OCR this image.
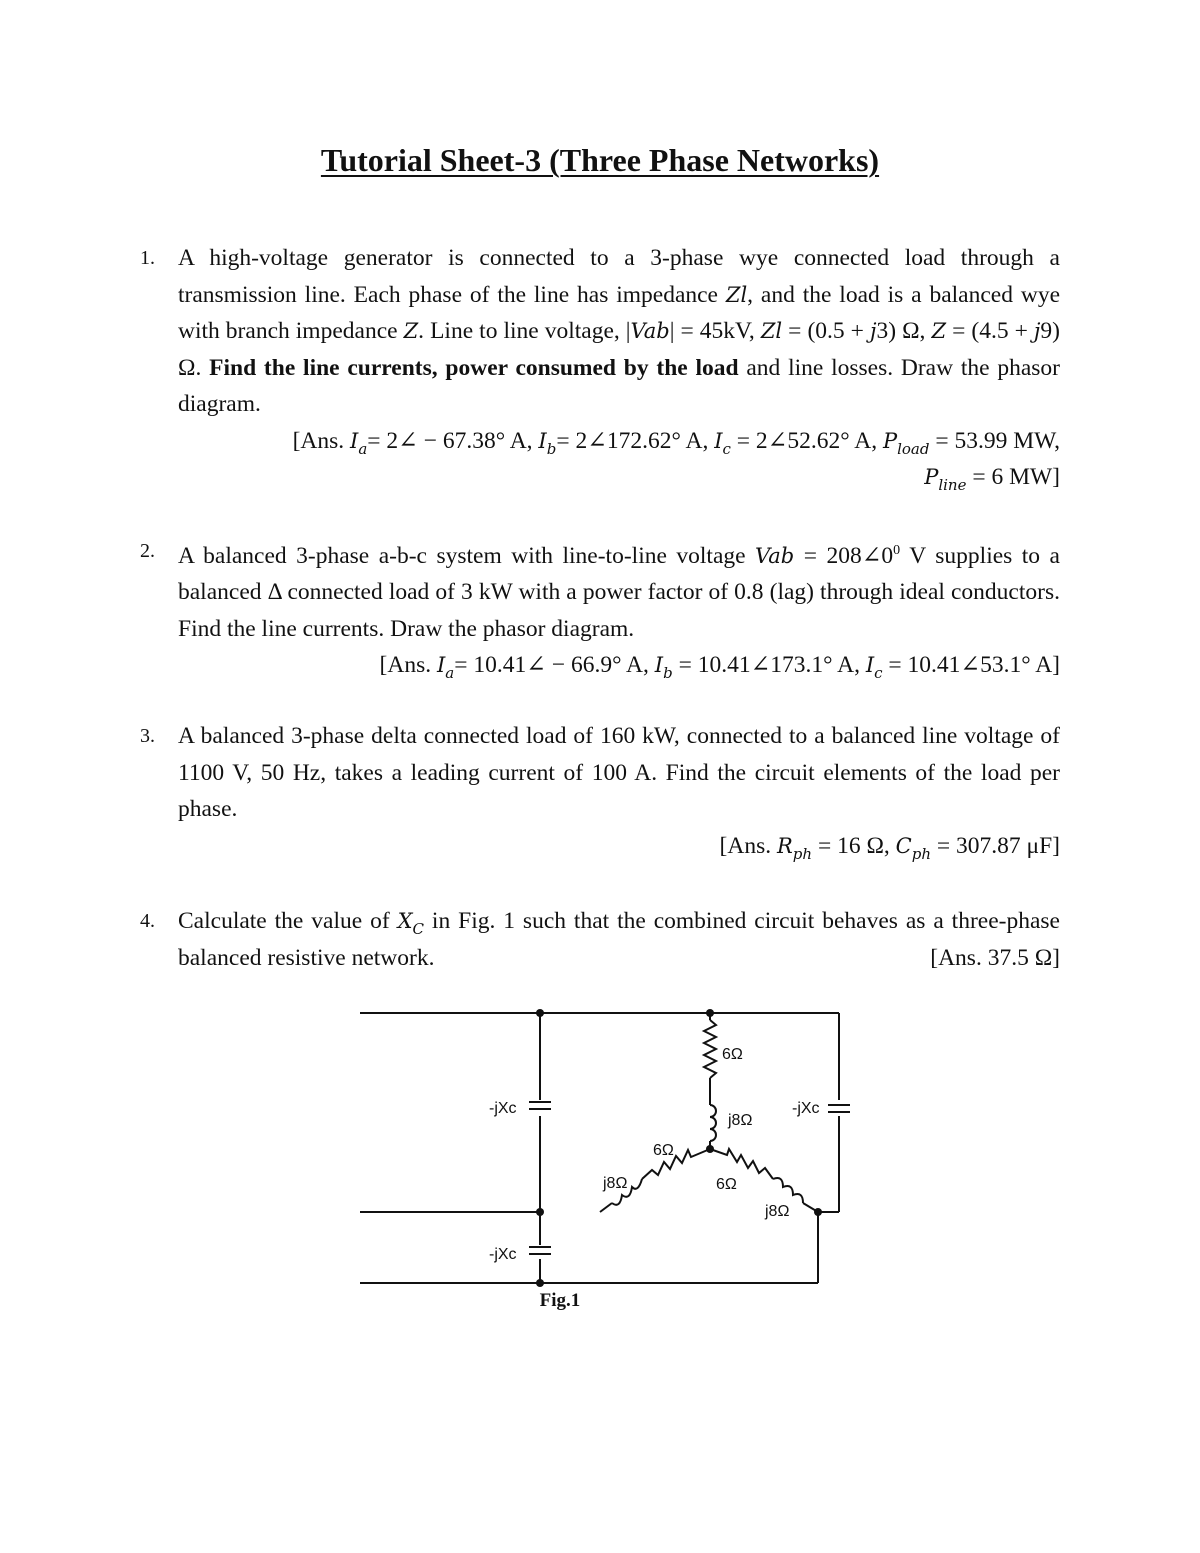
Tutorial Sheet-3 (Three Phase Networks)
1. A high-voltage generator is connected to a 3-phase wye connected load through a transmission line. Each phase of the line has impedance Zl, and the load is a balanced wye with branch impedance Z. Line to line voltage, |Vab| = 45kV, Zl = (0.5 + j3) Ω, Z = (4.5 + j9) Ω. Find the line currents, power consumed by the load and line losses. Draw the phasor diagram.
[Ans. $I_a=$ 2∠ − 67.38° A, $I_b=$ 2∠172.62° A, $I_c$ = 2∠52.62° A, $P_{load} = 53.99$ MW,
$P_{line} = 6$ MW]
2. A balanced 3-phase a-b-c system with line-to-line voltage Vab = $208\angle 0^0$ V supplies to a balanced Δ connected load of 3 kW with a power factor of 0.8 (lag) through ideal conductors. Find the line currents. Draw the phasor diagram.
[Ans. $I_a=$ 10.41∠ − 66.9° A, $I_b$ = 10.41∠173.1° A, $I_c$ = 10.41∠53.1° A]
3. A balanced 3-phase delta connected load of 160 kW, connected to a balanced line voltage of 1100 V, 50 Hz, takes a leading current of 100 A. Find the circuit elements of the load per phase.
[Ans. $R_{ph} = 16$ Ω, $C_{ph} = 307.87$ μF]
4. Calculate the value of $X_C$ in Fig. 1 such that the combined circuit behaves as a three-phase balanced resistive network.	[Ans. 37.5 Ω]
-jXc	-jXc
-jXc
6Ω
j8Ω
6Ω
j8Ω	6Ω
j8Ω
Fig.1
